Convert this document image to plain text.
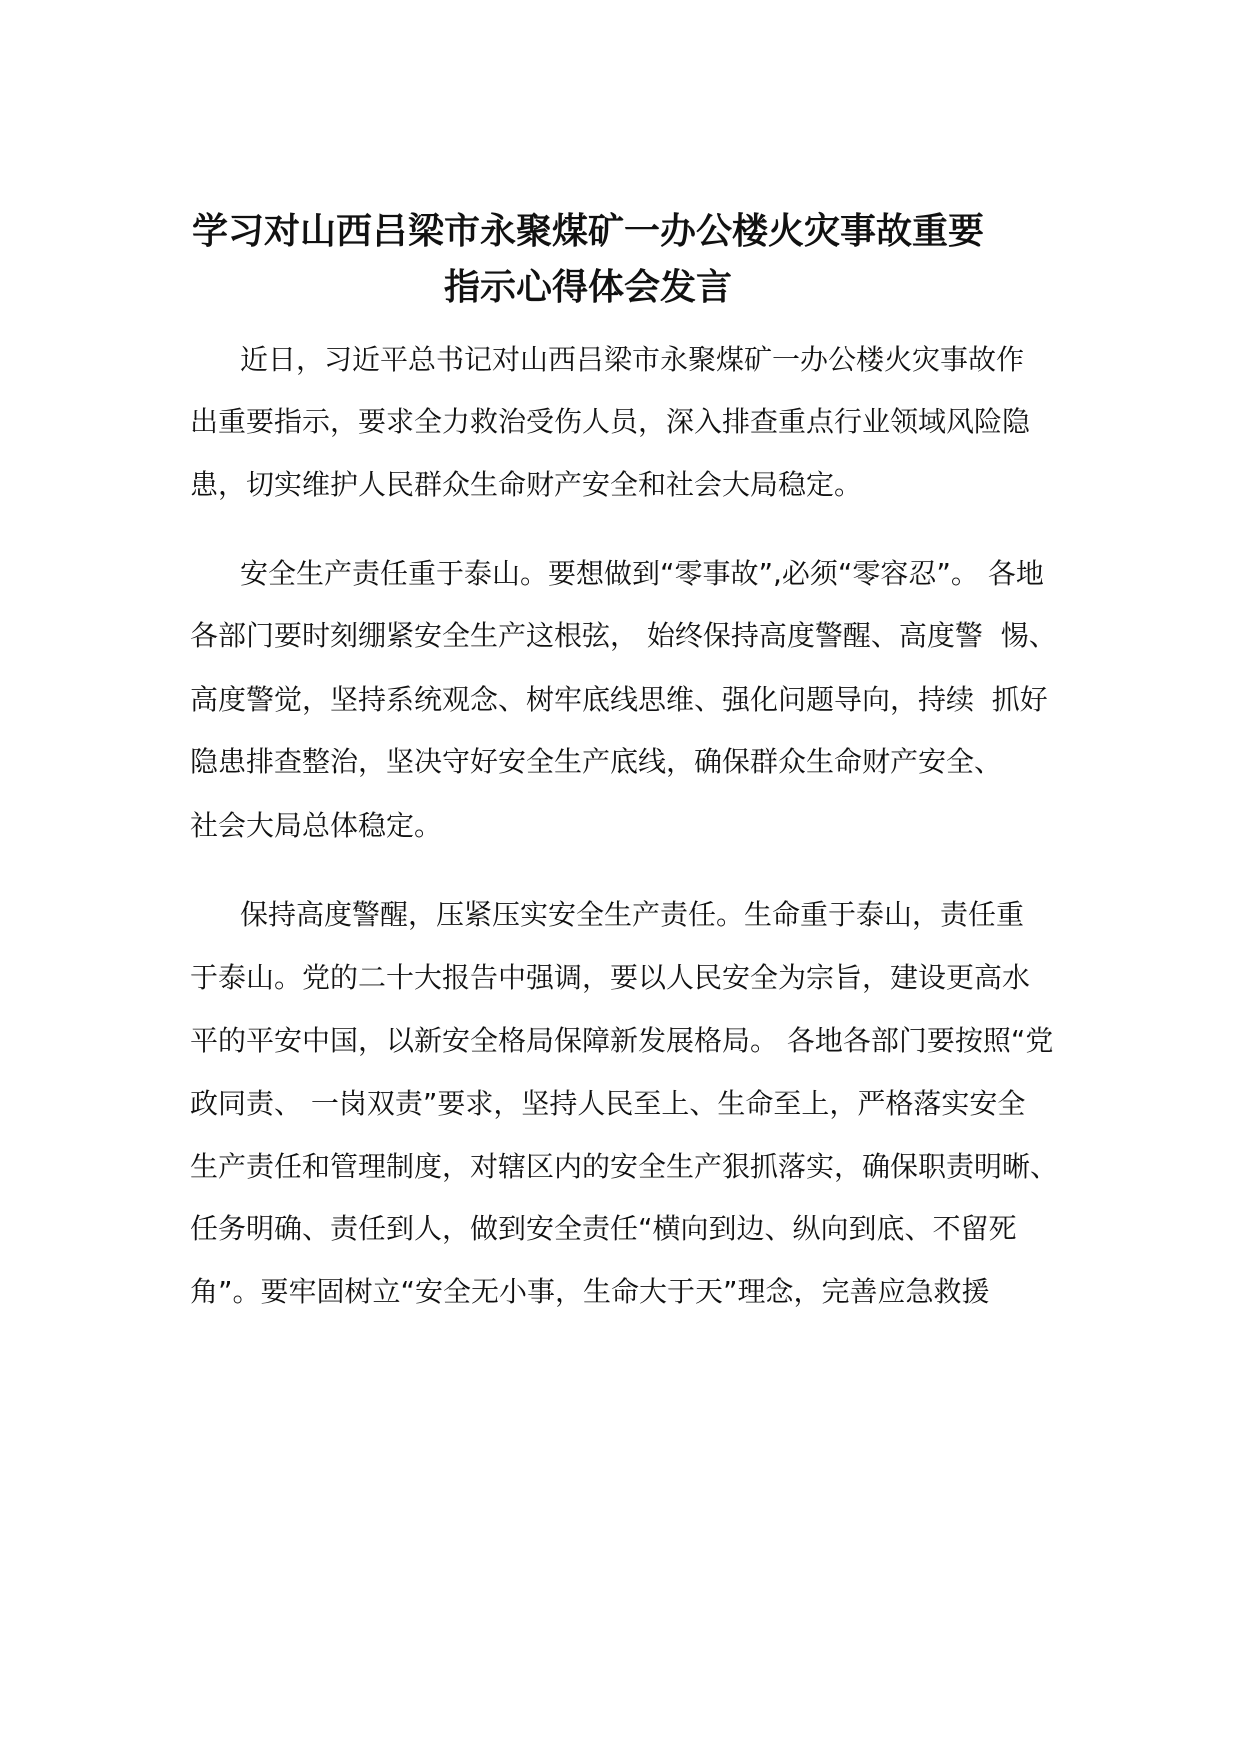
学习对山西吕梁市永聚煤矿一办公楼火灾事故重要
指示心得体会发言

近日，习近平总书记对山西吕梁市永聚煤矿一办公楼火灾事故作

出重要指示，要求全力救治受伤人员，深入排查重点行业领域风险隐

患，切实维护人民群众生命财产安全和社会大局稳定。

安全生产责任重于泰山。要想做到“零事故”,必须“零容忍”。 各地

各部门要时刻绷紧安全生产这根弦， 始终保持高度警醒、高度警  惕、

高度警觉，坚持系统观念、树牢底线思维、强化问题导向，持续  抓好

隐患排查整治，坚决守好安全生产底线，确保群众生命财产安全、

社会大局总体稳定。

保持高度警醒，压紧压实安全生产责任。生命重于泰山，责任重

于泰山。党的二十大报告中强调，要以人民安全为宗旨，建设更高水

平的平安中国，以新安全格局保障新发展格局。 各地各部门要按照“党

政同责、 一岗双责”要求，坚持人民至上、生命至上，严格落实安全

生产责任和管理制度，对辖区内的安全生产狠抓落实，确保职责明晰、

任务明确、责任到人，做到安全责任“横向到边、纵向到底、不留死

角”。要牢固树立“安全无小事，生命大于天”理念，完善应急救援
